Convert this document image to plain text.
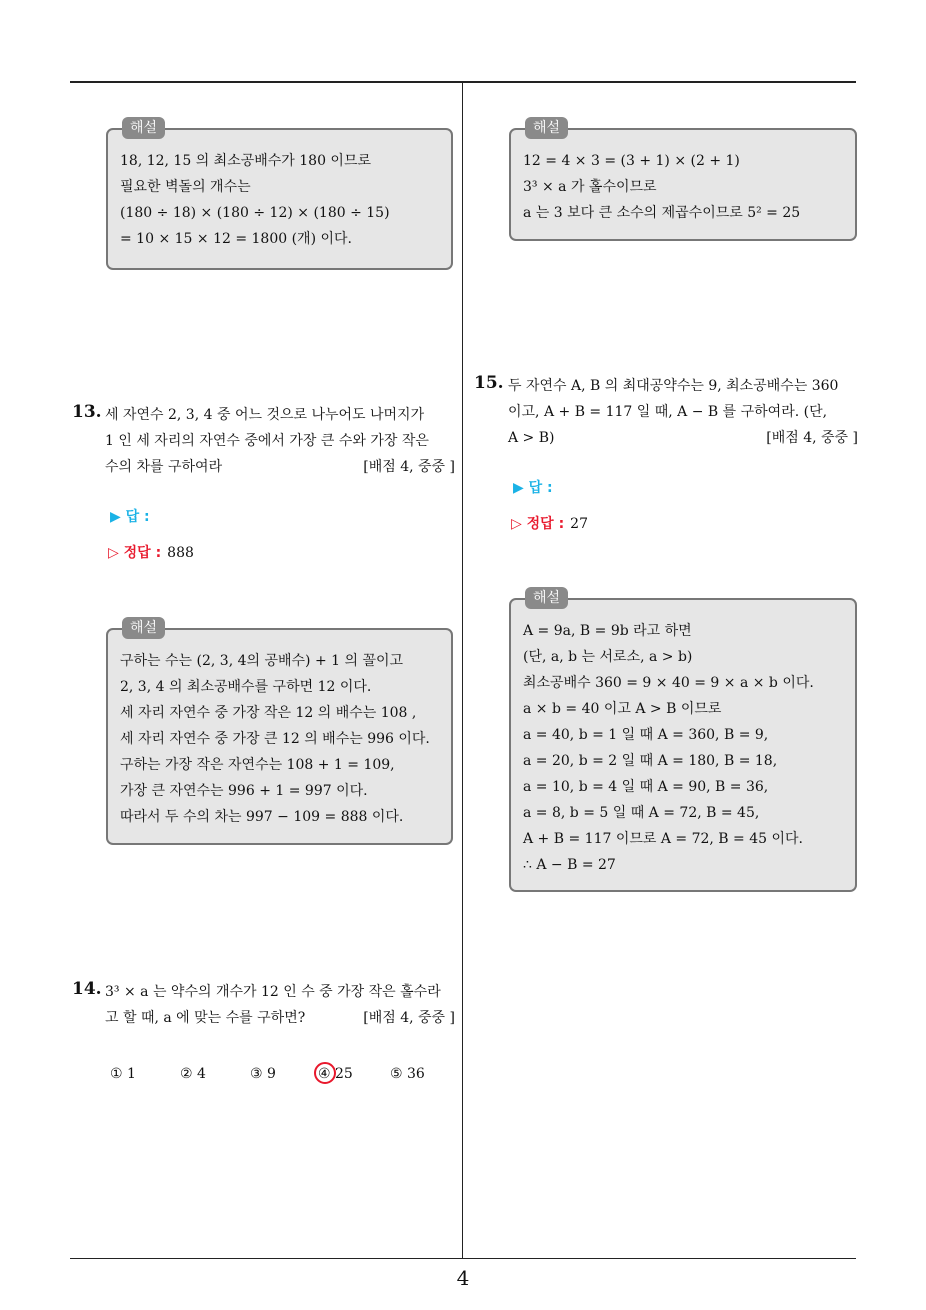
해설
18, 12, 15 의 최소공배수가 180 이므로
필요한 벽돌의 개수는
(180 ÷ 18) × (180 ÷ 12) × (180 ÷ 15)
= 10 × 15 × 12 = 1800 (개) 이다.
13. 세 자연수 2, 3, 4 중 어느 것으로 나누어도 나머지가
1 인 세 자리의 자연수 중에서 가장 큰 수와 가장 작은
수의 차를 구하여라	[배점 4, 중중 ]
▶ 답 :
▷ 정답 : 888
해설
구하는 수는 (2, 3, 4의 공배수) + 1 의 꼴이고
2, 3, 4 의 최소공배수를 구하면 12 이다.
세 자리 자연수 중 가장 작은 12 의 배수는 108 ,
세 자리 자연수 중 가장 큰 12 의 배수는 996 이다.
구하는 가장 작은 자연수는 108 + 1 = 109,
가장 큰 자연수는 996 + 1 = 997 이다.
따라서 두 수의 차는 997 − 109 = 888 이다.
14. 3³ × a 는 약수의 개수가 12 인 수 중 가장 작은 홀수라
고 할 때, a 에 맞는 수를 구하면?	[배점 4, 중중 ]
① 1	② 4	③ 9	④ 25	⑤ 36
해설
12 = 4 × 3 = (3 + 1) × (2 + 1)
3³ × a 가 홀수이므로
a 는 3 보다 큰 소수의 제곱수이므로 5² = 25
15. 두 자연수 A, B 의 최대공약수는 9, 최소공배수는 360
이고, A + B = 117 일 때, A − B 를 구하여라. (단,
A > B)	[배점 4, 중중 ]
▶ 답 :
▷ 정답 : 27
해설
A = 9a, B = 9b 라고 하면
(단, a, b 는 서로소, a > b)
최소공배수 360 = 9 × 40 = 9 × a × b 이다.
a × b = 40 이고 A > B 이므로
a = 40, b = 1 일 때 A = 360, B = 9,
a = 20, b = 2 일 때 A = 180, B = 18,
a = 10, b = 4 일 때 A = 90, B = 36,
a = 8, b = 5 일 때 A = 72, B = 45,
A + B = 117 이므로 A = 72, B = 45 이다.
∴ A − B = 27
4
